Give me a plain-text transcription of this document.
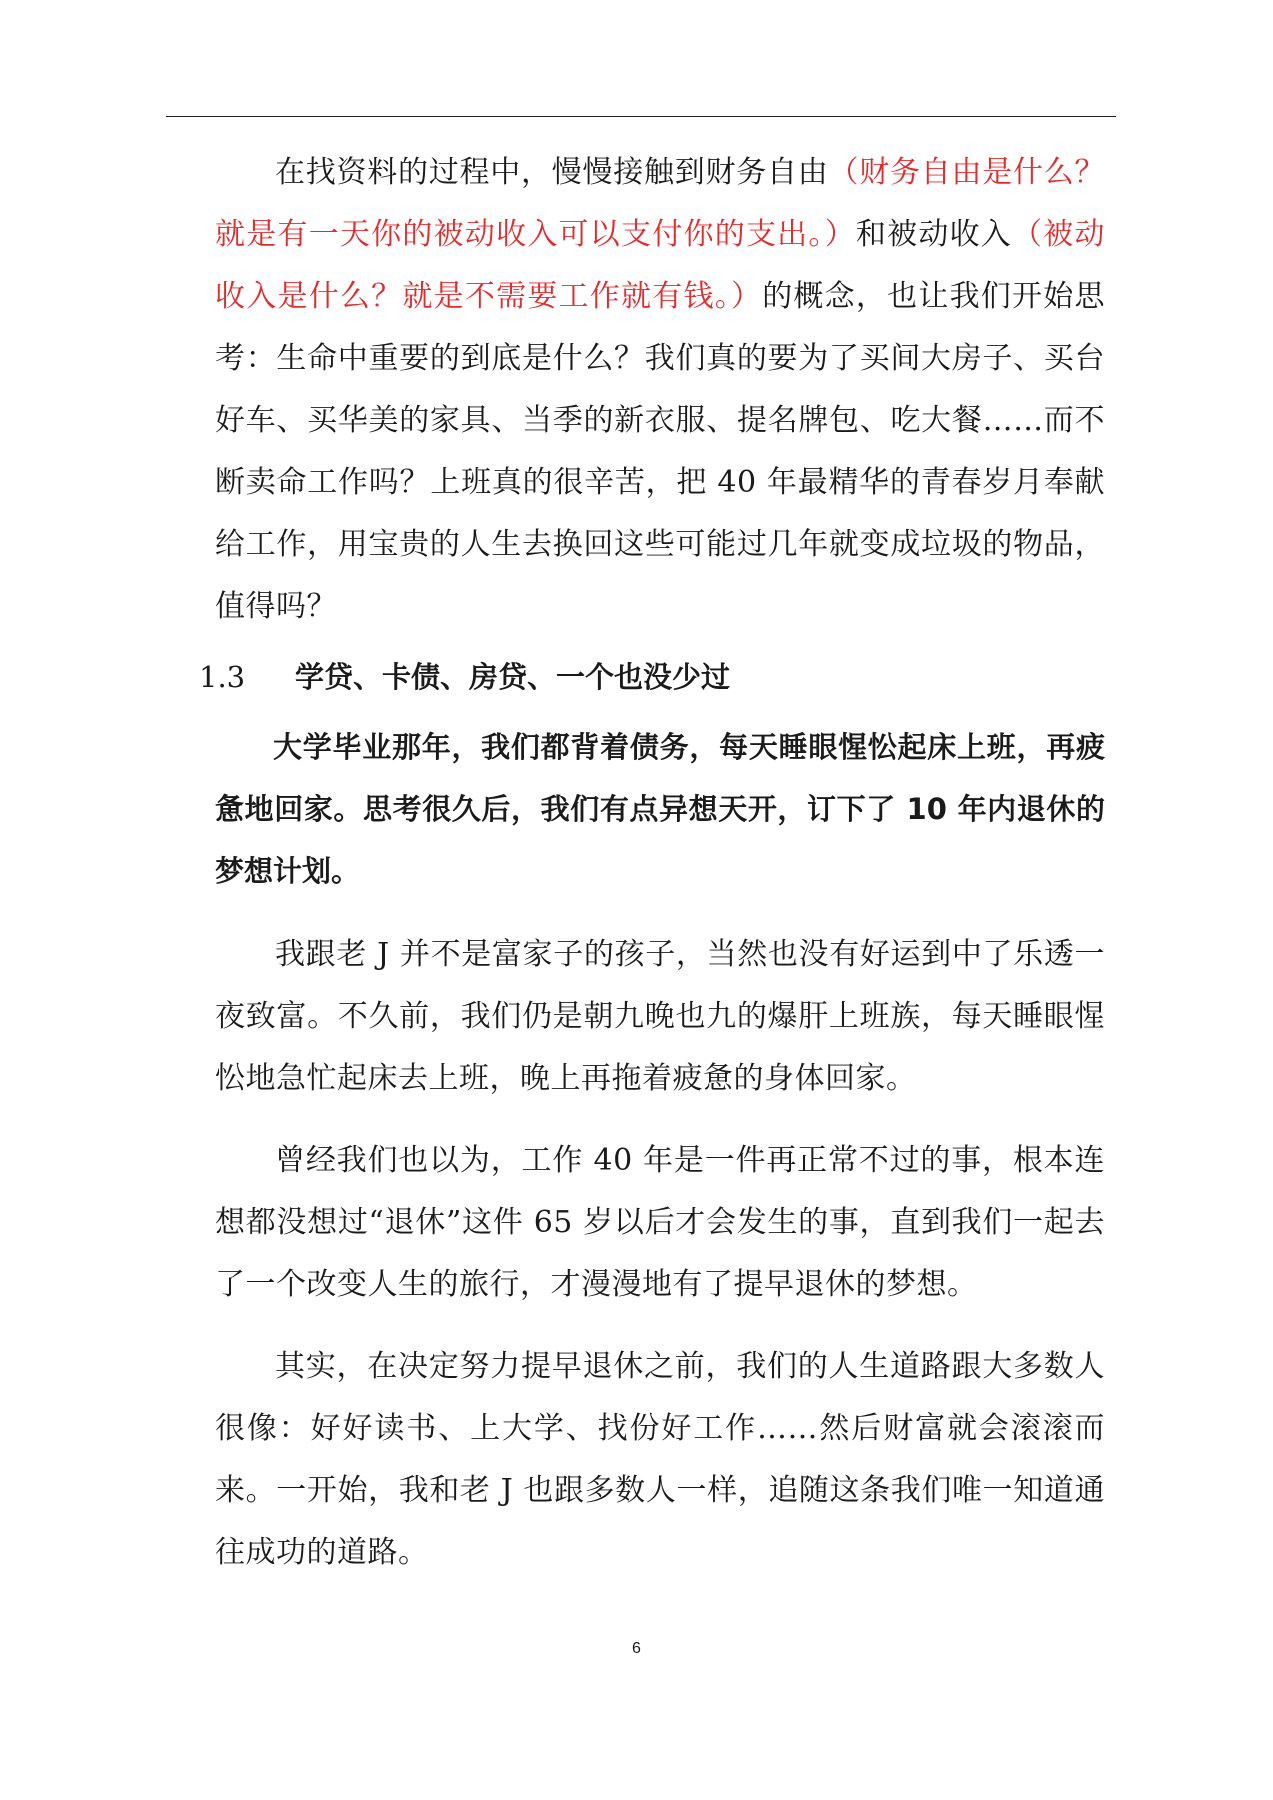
在找资料的过程中，慢慢接触到财务自由（财务自由是什么？就是有一天你的被动收入可以支付你的支出。）和被动收入（被动收入是什么？就是不需要工作就有钱。）的概念，也让我们开始思考：生命中重要的到底是什么？我们真的要为了买间大房子、买台好车、买华美的家具、当季的新衣服、提名牌包、吃大餐……而不断卖命工作吗？上班真的很辛苦，把 40 年最精华的青春岁月奉献给工作，用宝贵的人生去换回这些可能过几年就变成垃圾的物品，值得吗？

1.3 学贷、卡债、房贷、一个也没少过

大学毕业那年，我们都背着债务，每天睡眼惺忪起床上班，再疲惫地回家。思考很久后，我们有点异想天开，订下了 10 年内退休的梦想计划。

我跟老 J 并不是富家子的孩子，当然也没有好运到中了乐透一夜致富。不久前，我们仍是朝九晚也九的爆肝上班族，每天睡眼惺忪地急忙起床去上班，晚上再拖着疲惫的身体回家。

曾经我们也以为，工作 40 年是一件再正常不过的事，根本连想都没想过“退休”这件 65 岁以后才会发生的事，直到我们一起去了一个改变人生的旅行，才漫漫地有了提早退休的梦想。

其实，在决定努力提早退休之前，我们的人生道路跟大多数人很像：好好读书、上大学、找份好工作……然后财富就会滚滚而来。一开始，我和老 J 也跟多数人一样，追随这条我们唯一知道通往成功的道路。

6
